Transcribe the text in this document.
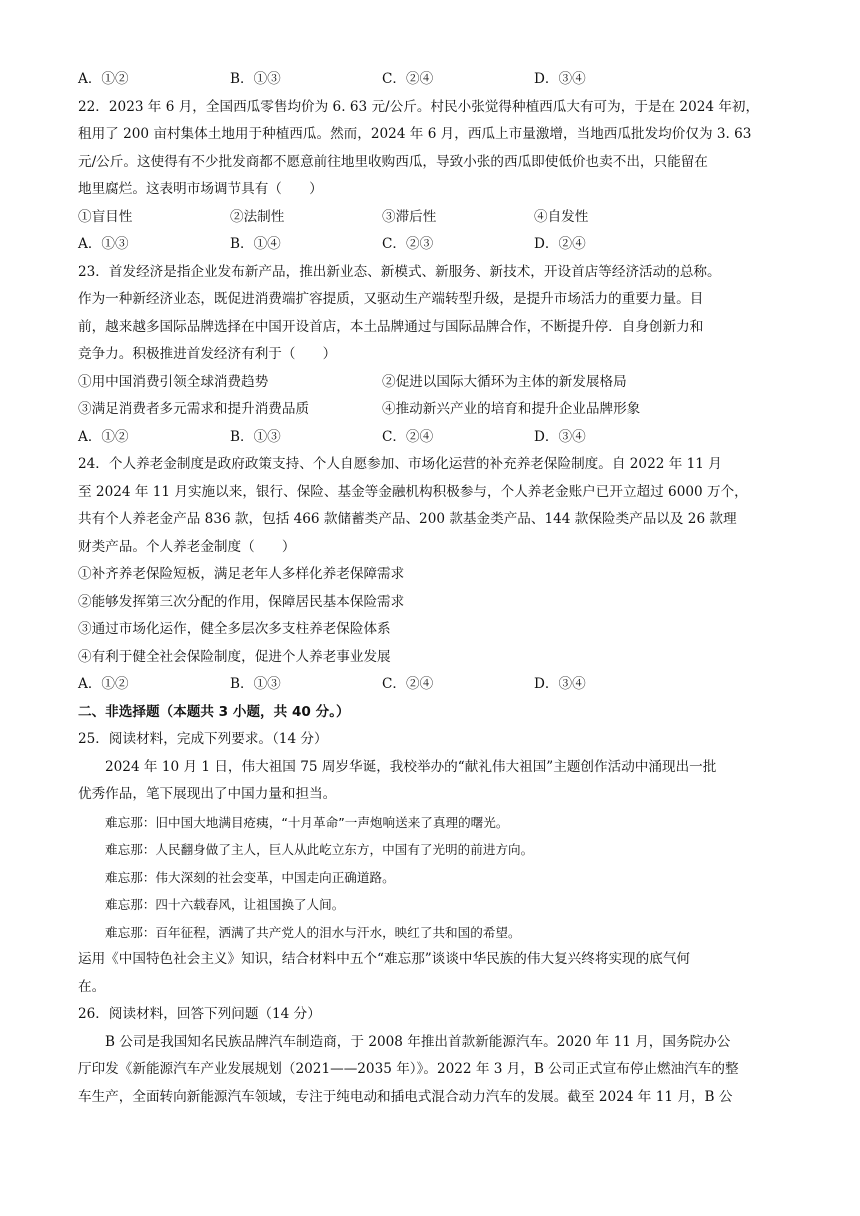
A．①②	B．①③	C．②④	D．③④
22．2023 年 6 月，全国西瓜零售均价为 6. 63 元/公斤。村民小张觉得种植西瓜大有可为，于是在 2024 年初，
租用了 200 亩村集体土地用于种植西瓜。然而，2024 年 6 月，西瓜上市量激增，当地西瓜批发均价仅为 3. 63
元/公斤。这使得有不少批发商都不愿意前往地里收购西瓜，导致小张的西瓜即使低价也卖不出，只能留在
地里腐烂。这表明市场调节具有（　　）
①盲目性	②法制性	③滞后性	④自发性
A．①③	B．①④	C．②③	D．②④
23．首发经济是指企业发布新产品，推出新业态、新模式、新服务、新技术，开设首店等经济活动的总称。
作为一种新经济业态，既促进消费端扩容提质，又驱动生产端转型升级，是提升市场活力的重要力量。目
前，越来越多国际品牌选择在中国开设首店，本土品牌通过与国际品牌合作，不断提升停．自身创新力和
竞争力。积极推进首发经济有利于（　　）
①用中国消费引领全球消费趋势	②促进以国际大循环为主体的新发展格局
③满足消费者多元需求和提升消费品质	④推动新兴产业的培育和提升企业品牌形象
A．①②	B．①③	C．②④	D．③④
24．个人养老金制度是政府政策支持、个人自愿参加、市场化运营的补充养老保险制度。自 2022 年 11 月
至 2024 年 11 月实施以来，银行、保险、基金等金融机构积极参与，个人养老金账户已开立超过 6000 万个，
共有个人养老金产品 836 款，包括 466 款储蓄类产品、200 款基金类产品、144 款保险类产品以及 26 款理
财类产品。个人养老金制度（　　）
①补齐养老保险短板，满足老年人多样化养老保障需求
②能够发挥第三次分配的作用，保障居民基本保险需求
③通过市场化运作，健全多层次多支柱养老保险体系
④有利于健全社会保险制度，促进个人养老事业发展
A．①②	B．①③	C．②④	D．③④
二、非选择题（本题共 3 小题，共 40 分。）
25．阅读材料，完成下列要求。（14 分）
2024 年 10 月 1 日，伟大祖国 75 周岁华诞，我校举办的“献礼伟大祖国”主题创作活动中涌现出一批
优秀作品，笔下展现出了中国力量和担当。
难忘那：旧中国大地满目疮痍，“十月革命”一声炮响送来了真理的曙光。
难忘那：人民翻身做了主人，巨人从此屹立东方，中国有了光明的前进方向。
难忘那：伟大深刻的社会变革，中国走向正确道路。
难忘那：四十六载春风，让祖国换了人间。
难忘那：百年征程，洒满了共产党人的泪水与汗水，映红了共和国的希望。
运用《中国特色社会主义》知识，结合材料中五个“难忘那”谈谈中华民族的伟大复兴终将实现的底气何
在。
26．阅读材料，回答下列问题（14 分）
B 公司是我国知名民族品牌汽车制造商，于 2008 年推出首款新能源汽车。2020 年 11 月，国务院办公
厅印发《新能源汽车产业发展规划（2021——2035 年）》。2022 年 3 月，B 公司正式宣布停止燃油汽车的整
车生产，全面转向新能源汽车领域，专注于纯电动和插电式混合动力汽车的发展。截至 2024 年 11 月，B 公
